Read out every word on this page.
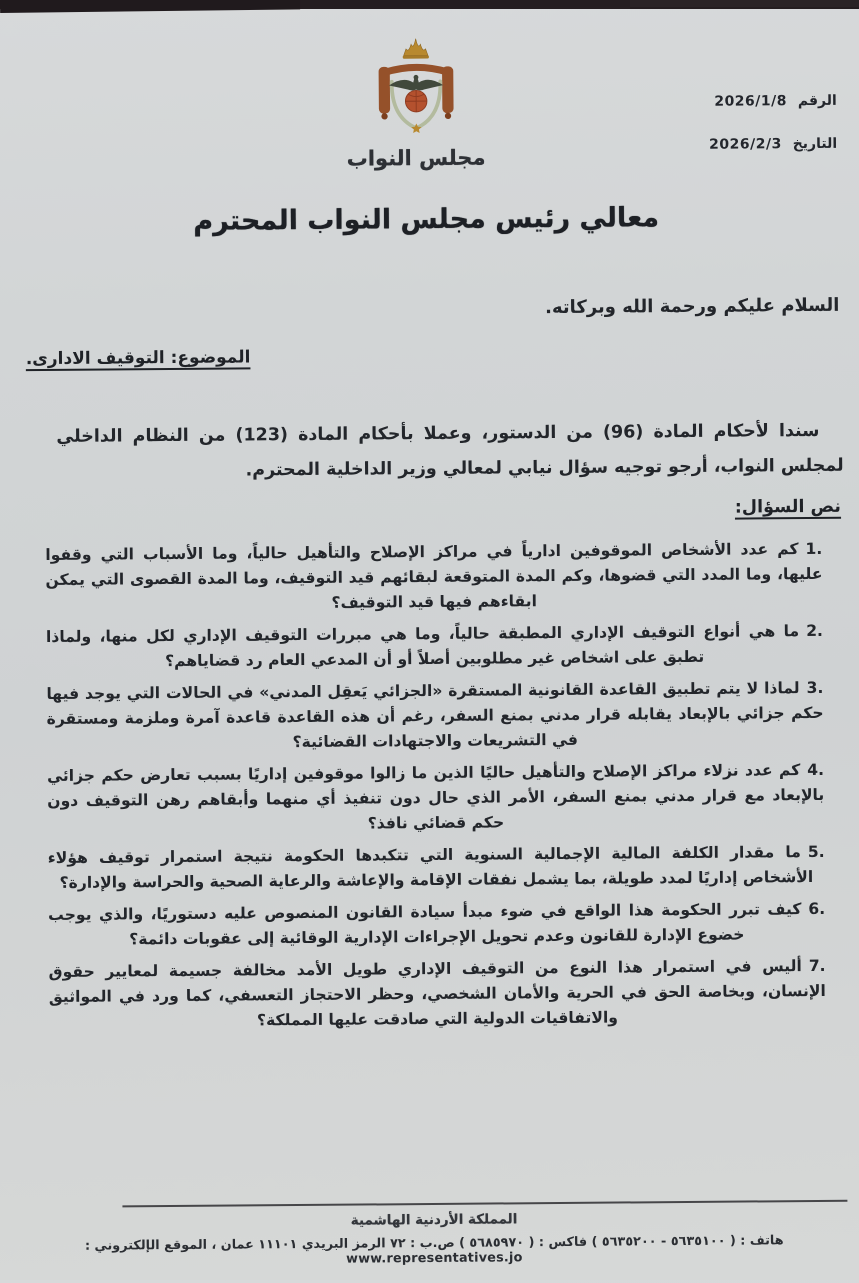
الرقم 2026/1/8
التاريخ 2026/2/3
مجلس النواب
معالي رئيس مجلس النواب المحترم
السلام عليكم ورحمة الله وبركاته.
الموضوع: التوقيف الادارى.
سندا لأحكام المادة (96) من الدستور، وعملا بأحكام المادة (123) من النظام الداخلي لمجلس النواب، أرجو توجيه سؤال نيابي لمعالي وزير الداخلية المحترم.
نص السؤال:
1.كم عدد الأشخاص الموقوفين ادارياً في مراكز الإصلاح والتأهيل حالياً، وما الأسباب التي وقفوا عليها، وما المدد التي قضوها، وكم المدة المتوقعة لبقائهم قيد التوقيف، وما المدة القصوى التي يمكن ابقاءهم فيها قيد التوقيف؟
2.ما هي أنواع التوقيف الإداري المطبقة حالياً، وما هي مبررات التوقيف الإداري لكل منها، ولماذا تطبق على اشخاص غير مطلوبين أصلاً أو أن المدعي العام رد قضاياهم؟
3.لماذا لا يتم تطبيق القاعدة القانونية المستقرة «الجزائي يَعقِل المدني» في الحالات التي يوجد فيها حكم جزائي بالإبعاد يقابله قرار مدني بمنع السفر، رغم أن هذه القاعدة قاعدة آمرة وملزمة ومستقرة في التشريعات والاجتهادات القضائية؟
4.كم عدد نزلاء مراكز الإصلاح والتأهيل حاليًا الذين ما زالوا موقوفين إداريًا بسبب تعارض حكم جزائي بالإبعاد مع قرار مدني بمنع السفر، الأمر الذي حال دون تنفيذ أي منهما وأبقاهم رهن التوقيف دون حكم قضائي نافذ؟
5.ما مقدار الكلفة المالية الإجمالية السنوية التي تتكبدها الحكومة نتيجة استمرار توقيف هؤلاء الأشخاص إداريًا لمدد طويلة، بما يشمل نفقات الإقامة والإعاشة والرعاية الصحية والحراسة والإدارة؟
6.كيف تبرر الحكومة هذا الواقع في ضوء مبدأ سيادة القانون المنصوص عليه دستوريًا، والذي يوجب خضوع الإدارة للقانون وعدم تحويل الإجراءات الإدارية الوقائية إلى عقوبات دائمة؟
7.أليس في استمرار هذا النوع من التوقيف الإداري طويل الأمد مخالفة جسيمة لمعايير حقوق الإنسان، وبخاصة الحق في الحرية والأمان الشخصي، وحظر الاحتجاز التعسفي، كما ورد في المواثيق والاتفاقيات الدولية التي صادقت عليها المملكة؟
المملكة الأردنية الهاشمية
هاتف : ( ٥٦٣٥١٠٠ - ٥٦٣٥٢٠٠ ) فاكس : ( ٥٦٨٥٩٧٠ ) ص.ب : ٧٢ الرمز البريدي ١١١٠١ عمان ، الموقع الإلكتروني : www.representatives.jo
